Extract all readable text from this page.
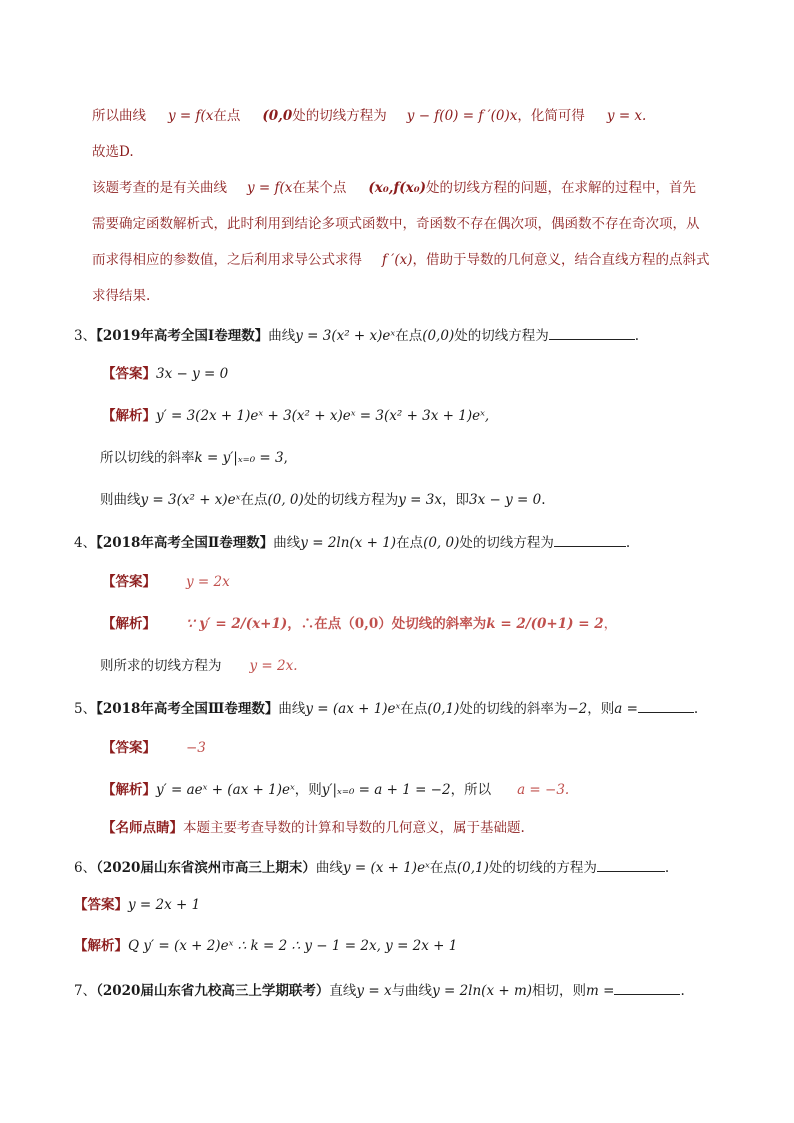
所以曲线 y = f(x在点 (0,0处的切线方程为 y − f(0) = f ′(0)x，化简可得 y = x.
故选D.
该题考查的是有关曲线 y = f(x在某个点 (x₀,f(x₀)处的切线方程的问题，在求解的过程中，首先
需要确定函数解析式，此时利用到结论多项式函数中，奇函数不存在偶次项，偶函数不存在奇次项，从
而求得相应的参数值，之后利用求导公式求得 f ′(x)，借助于导数的几何意义，结合直线方程的点斜式
求得结果.
3、【2019年高考全国Ⅰ卷理数】曲线y = 3(x² + x)eˣ在点(0,0)处的切线方程为	.
【答案】3x − y = 0
【解析】y′ = 3(2x + 1)eˣ + 3(x² + x)eˣ = 3(x² + 3x + 1)eˣ,
所以切线的斜率k = y′|ₓ₌₀ = 3,
则曲线y = 3(x² + x)eˣ在点(0, 0)处的切线方程为y = 3x，即3x − y = 0.
4、【2018年高考全国Ⅱ卷理数】曲线y = 2ln(x + 1)在点(0, 0)处的切线方程为	.
【答案】 y = 2x
【解析】 ∵ y′ = 2/(x+1)，∴在点（0,0）处切线的斜率为k = 2/(0+1) = 2，
则所求的切线方程为 y = 2x.
5、【2018年高考全国Ⅲ卷理数】曲线y = (ax + 1)eˣ在点(0,1)处的切线的斜率为−2，则a =	.
【答案】 −3
【解析】y′ = aeˣ + (ax + 1)eˣ，则y′|ₓ₌₀ = a + 1 = −2，所以 a = −3.
【名师点睛】本题主要考查导数的计算和导数的几何意义，属于基础题.
6、（2020届山东省滨州市高三上期末）曲线y = (x + 1)eˣ在点(0,1)处的切线的方程为	.
【答案】y = 2x + 1
【解析】Q y′ = (x + 2)eˣ ∴ k = 2 ∴ y − 1 = 2x, y = 2x + 1
7、（2020届山东省九校高三上学期联考）直线y = x与曲线y = 2ln(x + m)相切，则m =	.
